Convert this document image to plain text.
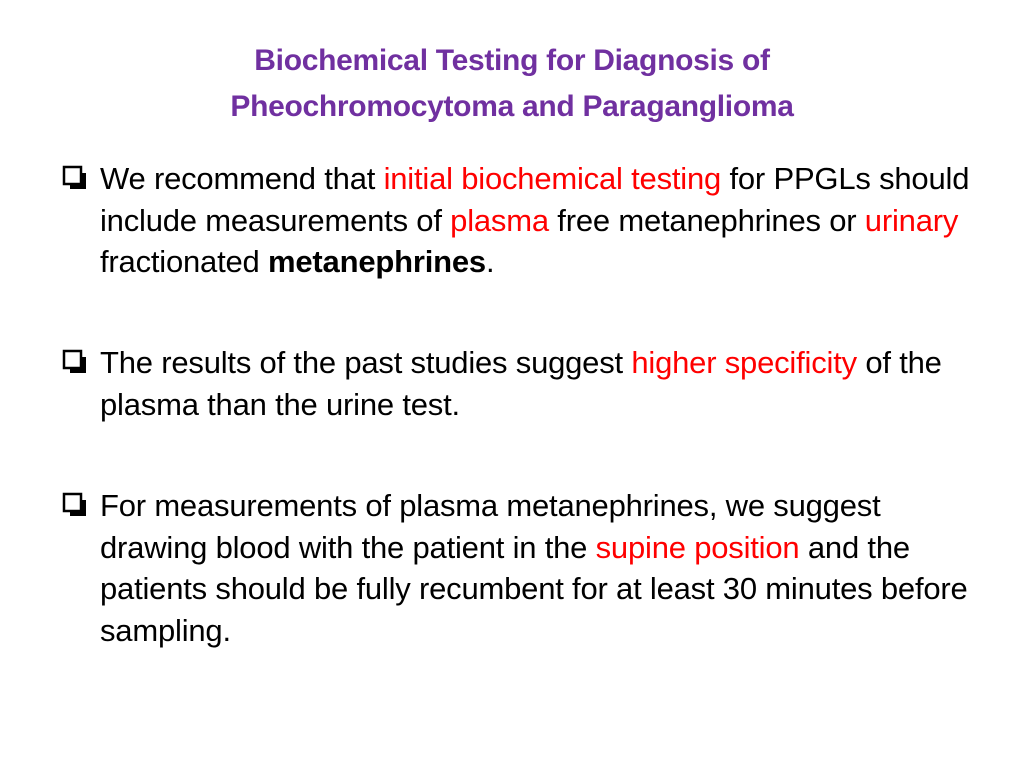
Biochemical Testing for Diagnosis of
Pheochromocytoma and Paraganglioma
We recommend that initial biochemical testing for PPGLs should include measurements of plasma free metanephrines or urinary fractionated metanephrines.
The results of the past studies suggest higher specificity of the plasma than the urine test.
For measurements of plasma metanephrines, we suggest drawing blood with the patient in the supine position and the patients should be fully recumbent for at least 30 minutes before sampling.
